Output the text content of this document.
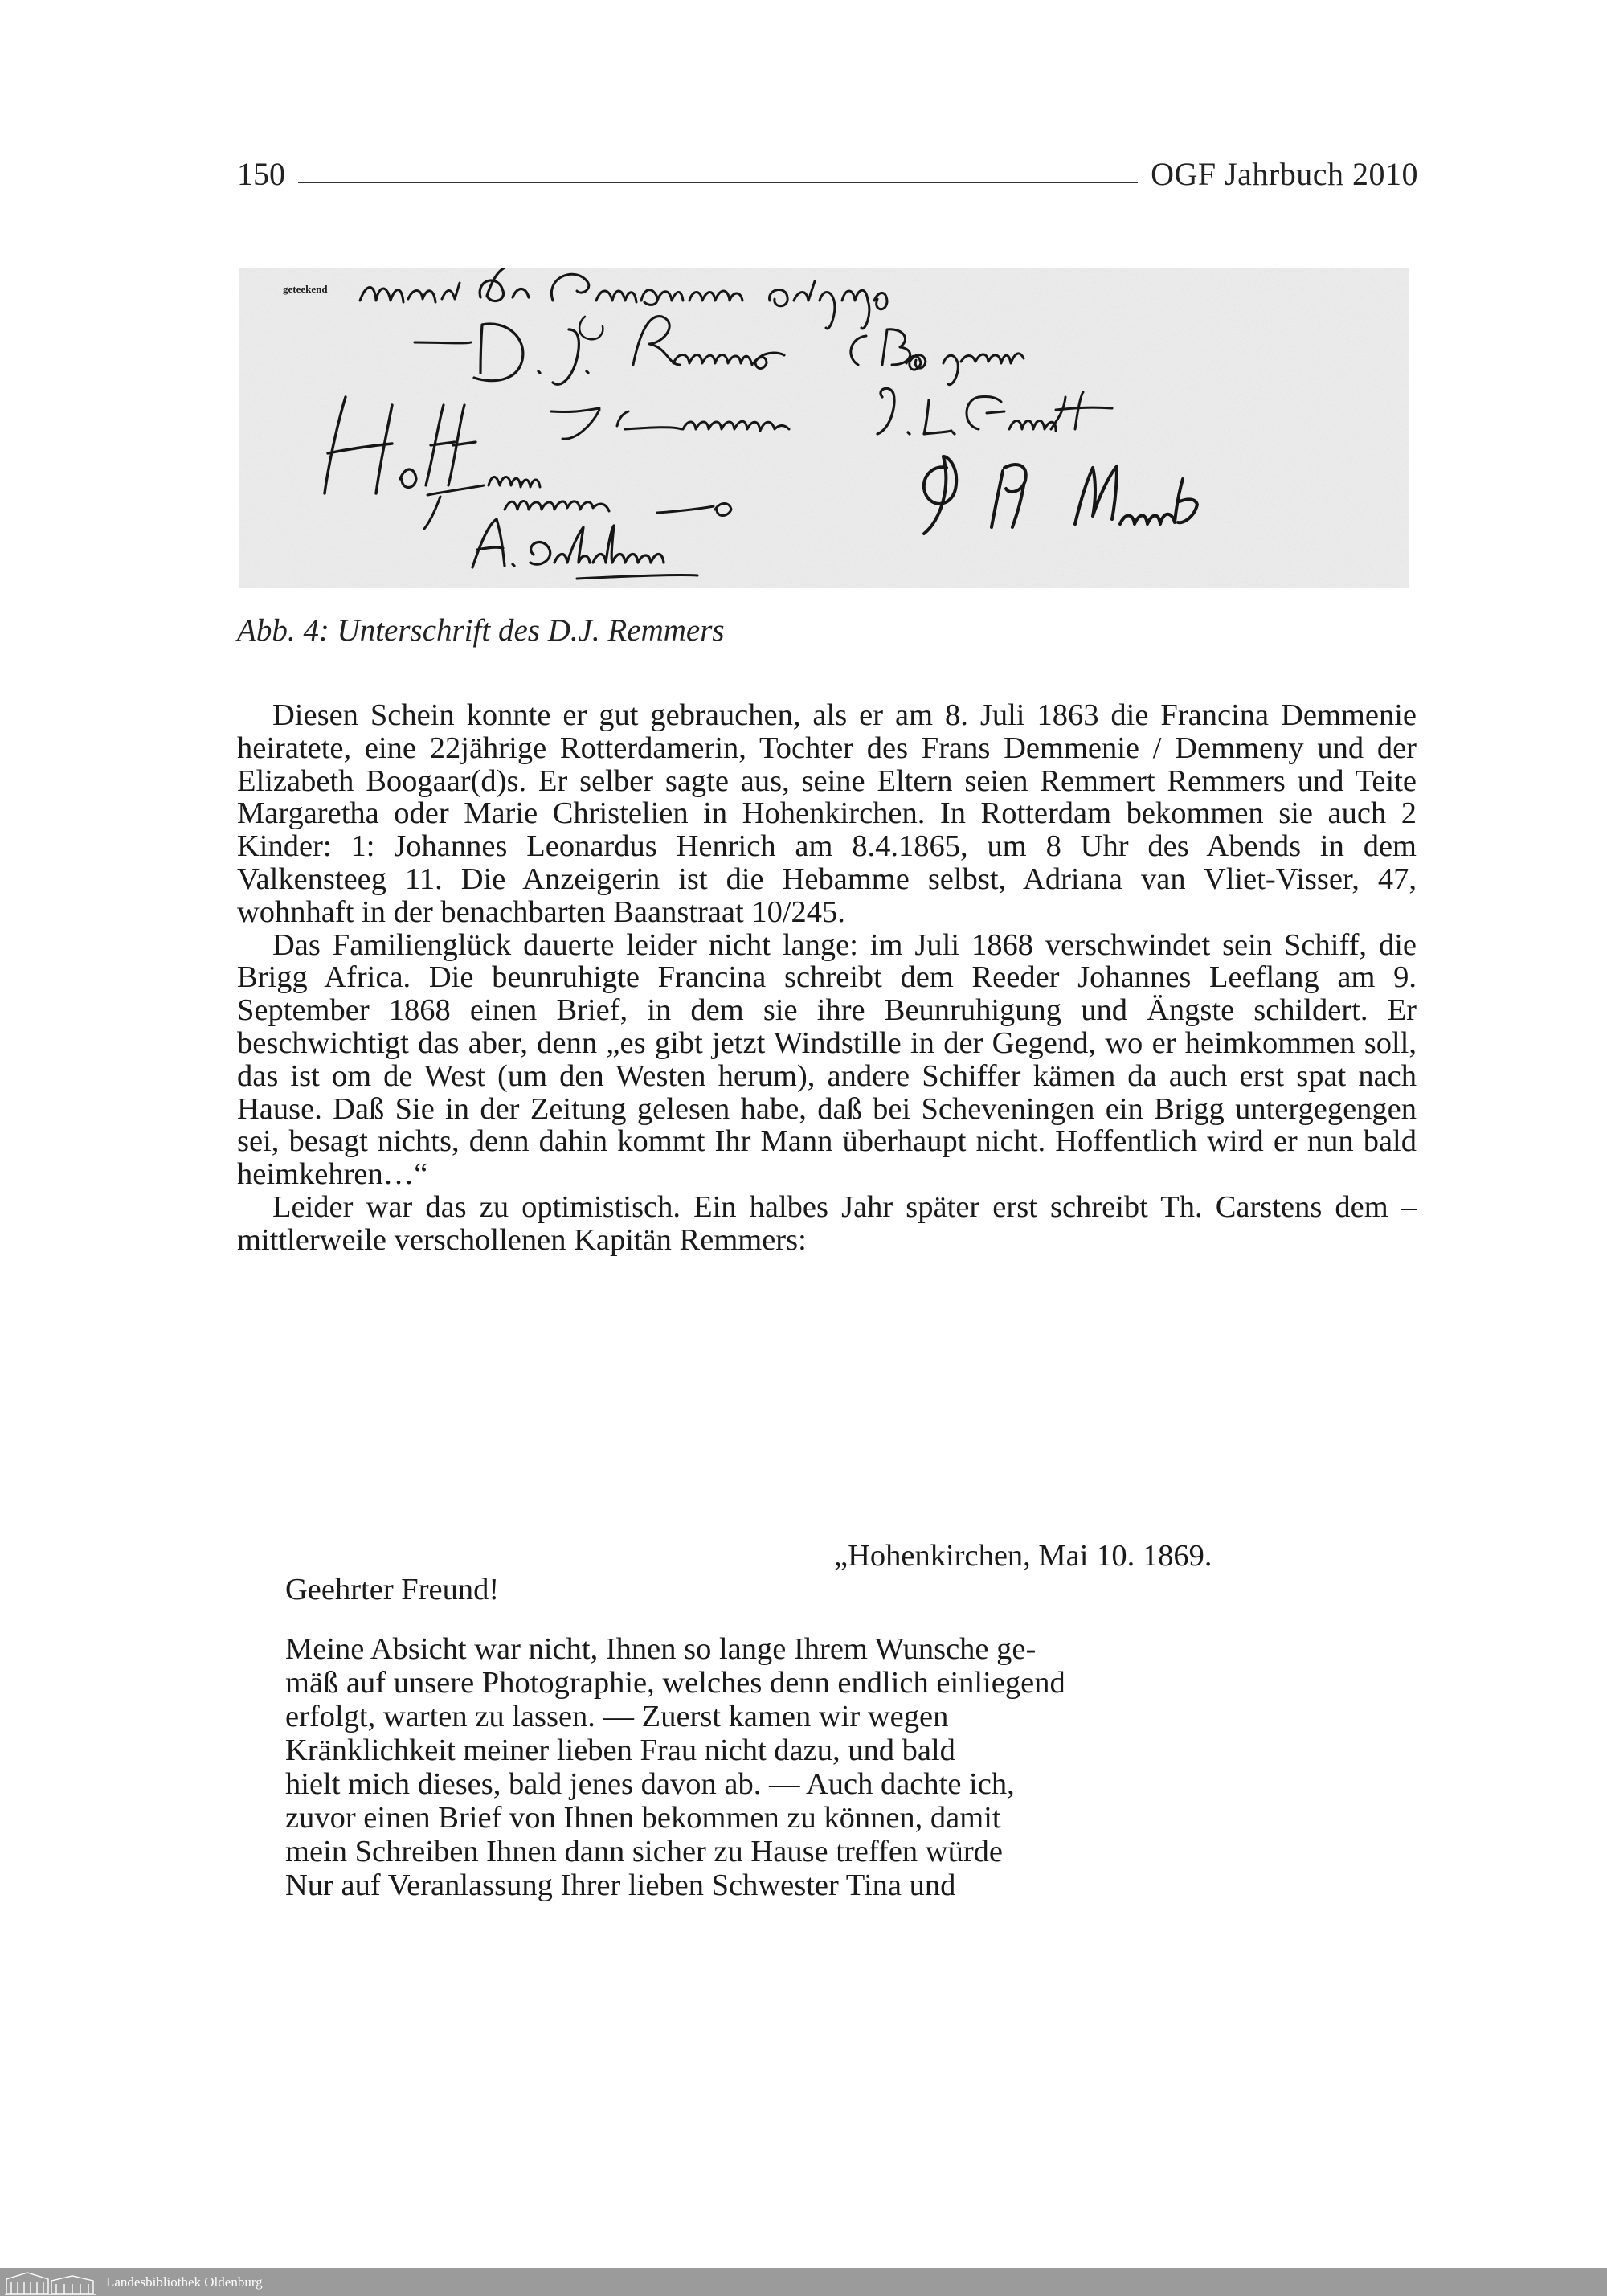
150	OGF Jahrbuch 2010
geteekend
Abb. 4: Unterschrift des D.J. Remmers

Diesen Schein konnte er gut gebrauchen, als er am 8. Juli 1863 die Francina Demmenie heiratete, eine 22jährige Rotterdamerin, Tochter des Frans Demmenie / Demmeny und der Elizabeth Boogaar(d)s. Er selber sagte aus, seine Eltern seien Remmert Remmers und Teite Margaretha oder Marie Christelien in Hohenkirchen. In Rotterdam bekommen sie auch 2 Kinder: 1: Johannes Leonardus Henrich am 8.4.1865, um 8 Uhr des Abends in dem Valkensteeg 11. Die Anzeigerin ist die Hebamme selbst, Adriana van Vliet-Visser, 47, wohnhaft in der benachbarten Baanstraat 10/245.

Das Familienglück dauerte leider nicht lange: im Juli 1868 verschwindet sein Schiff, die Brigg Africa. Die beunruhigte Francina schreibt dem Reeder Johannes Leeflang am 9. September 1868 einen Brief, in dem sie ihre Beunruhigung und Ängste schildert. Er beschwichtigt das aber, denn „es gibt jetzt Windstille in der Gegend, wo er heimkommen soll, das ist om de West (um den Westen herum), andere Schiffer kämen da auch erst spat nach Hause. Daß Sie in der Zeitung gelesen habe, daß bei Scheveningen ein Brigg untergegengen sei, besagt nichts, denn dahin kommt Ihr Mann überhaupt nicht. Hoffentlich wird er nun bald heimkehren…“

Leider war das zu optimistisch. Ein halbes Jahr später erst schreibt Th. Carstens dem – mittlerweile verschollenen Kapitän Remmers:

„Hohenkirchen, Mai 10. 1869.
Geehrter Freund!
Meine Absicht war nicht, Ihnen so lange Ihrem Wunsche ge-
mäß auf unsere Photographie, welches denn endlich einliegend
erfolgt, warten zu lassen. — Zuerst kamen wir wegen
Kränklichkeit meiner lieben Frau nicht dazu, und bald
hielt mich dieses, bald jenes davon ab. — Auch dachte ich,
zuvor einen Brief von Ihnen bekommen zu können, damit
mein Schreiben Ihnen dann sicher zu Hause treffen würde
Nur auf Veranlassung Ihrer lieben Schwester Tina und
Landesbibliothek Oldenburg
